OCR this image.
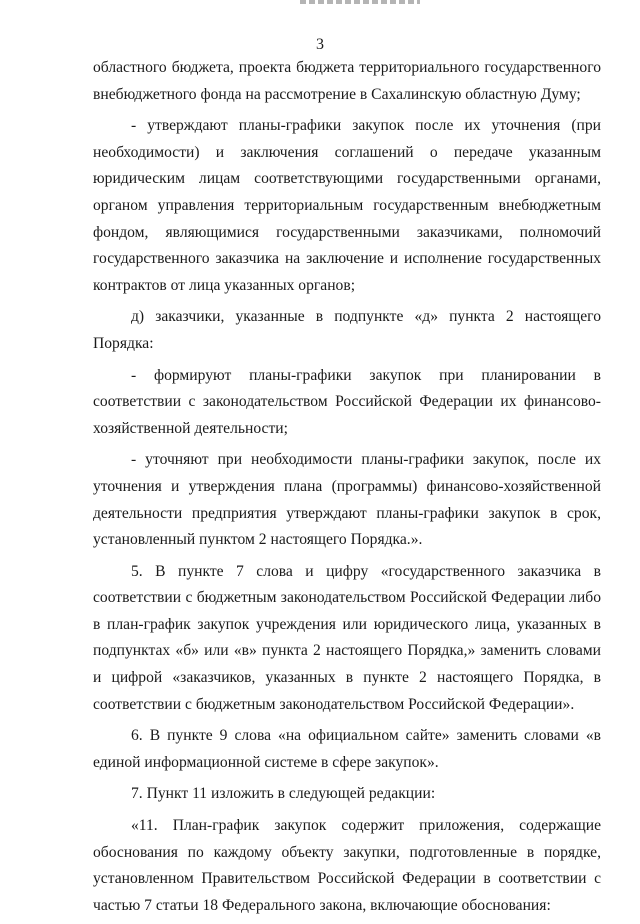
3

областного бюджета, проекта бюджета территориального государственного внебюджетного фонда на рассмотрение в Сахалинскую областную Думу;

- утверждают планы-графики закупок после их уточнения (при необходимости) и заключения соглашений о передаче указанным юридическим лицам соответствующими государственными органами, органом управления территориальным государственным внебюджетным фондом, являющимися государственными заказчиками, полномочий государственного заказчика на заключение и исполнение государственных контрактов от лица указанных органов;

д) заказчики, указанные в подпункте «д» пункта 2 настоящего Порядка:

- формируют планы-графики закупок при планировании в соответствии с законодательством Российской Федерации их финансово-хозяйственной деятельности;

- уточняют при необходимости планы-графики закупок, после их уточнения и утверждения плана (программы) финансово-хозяйственной деятельности предприятия утверждают планы-графики закупок в срок, установленный пунктом 2 настоящего Порядка.».

5. В пункте 7 слова и цифру «государственного заказчика в соответствии с бюджетным законодательством Российской Федерации либо в план-график закупок учреждения или юридического лица, указанных в подпунктах «б» или «в» пункта 2 настоящего Порядка,» заменить словами и цифрой «заказчиков, указанных в пункте 2 настоящего Порядка, в соответствии с бюджетным законодательством Российской Федерации».

6. В пункте 9 слова «на официальном сайте» заменить словами «в единой информационной системе в сфере закупок».

7. Пункт 11 изложить в следующей редакции:

«11. План-график закупок содержит приложения, содержащие обоснования по каждому объекту закупки, подготовленные в порядке, установленном Правительством Российской Федерации в соответствии с частью 7 статьи 18 Федерального закона, включающие обоснования:
